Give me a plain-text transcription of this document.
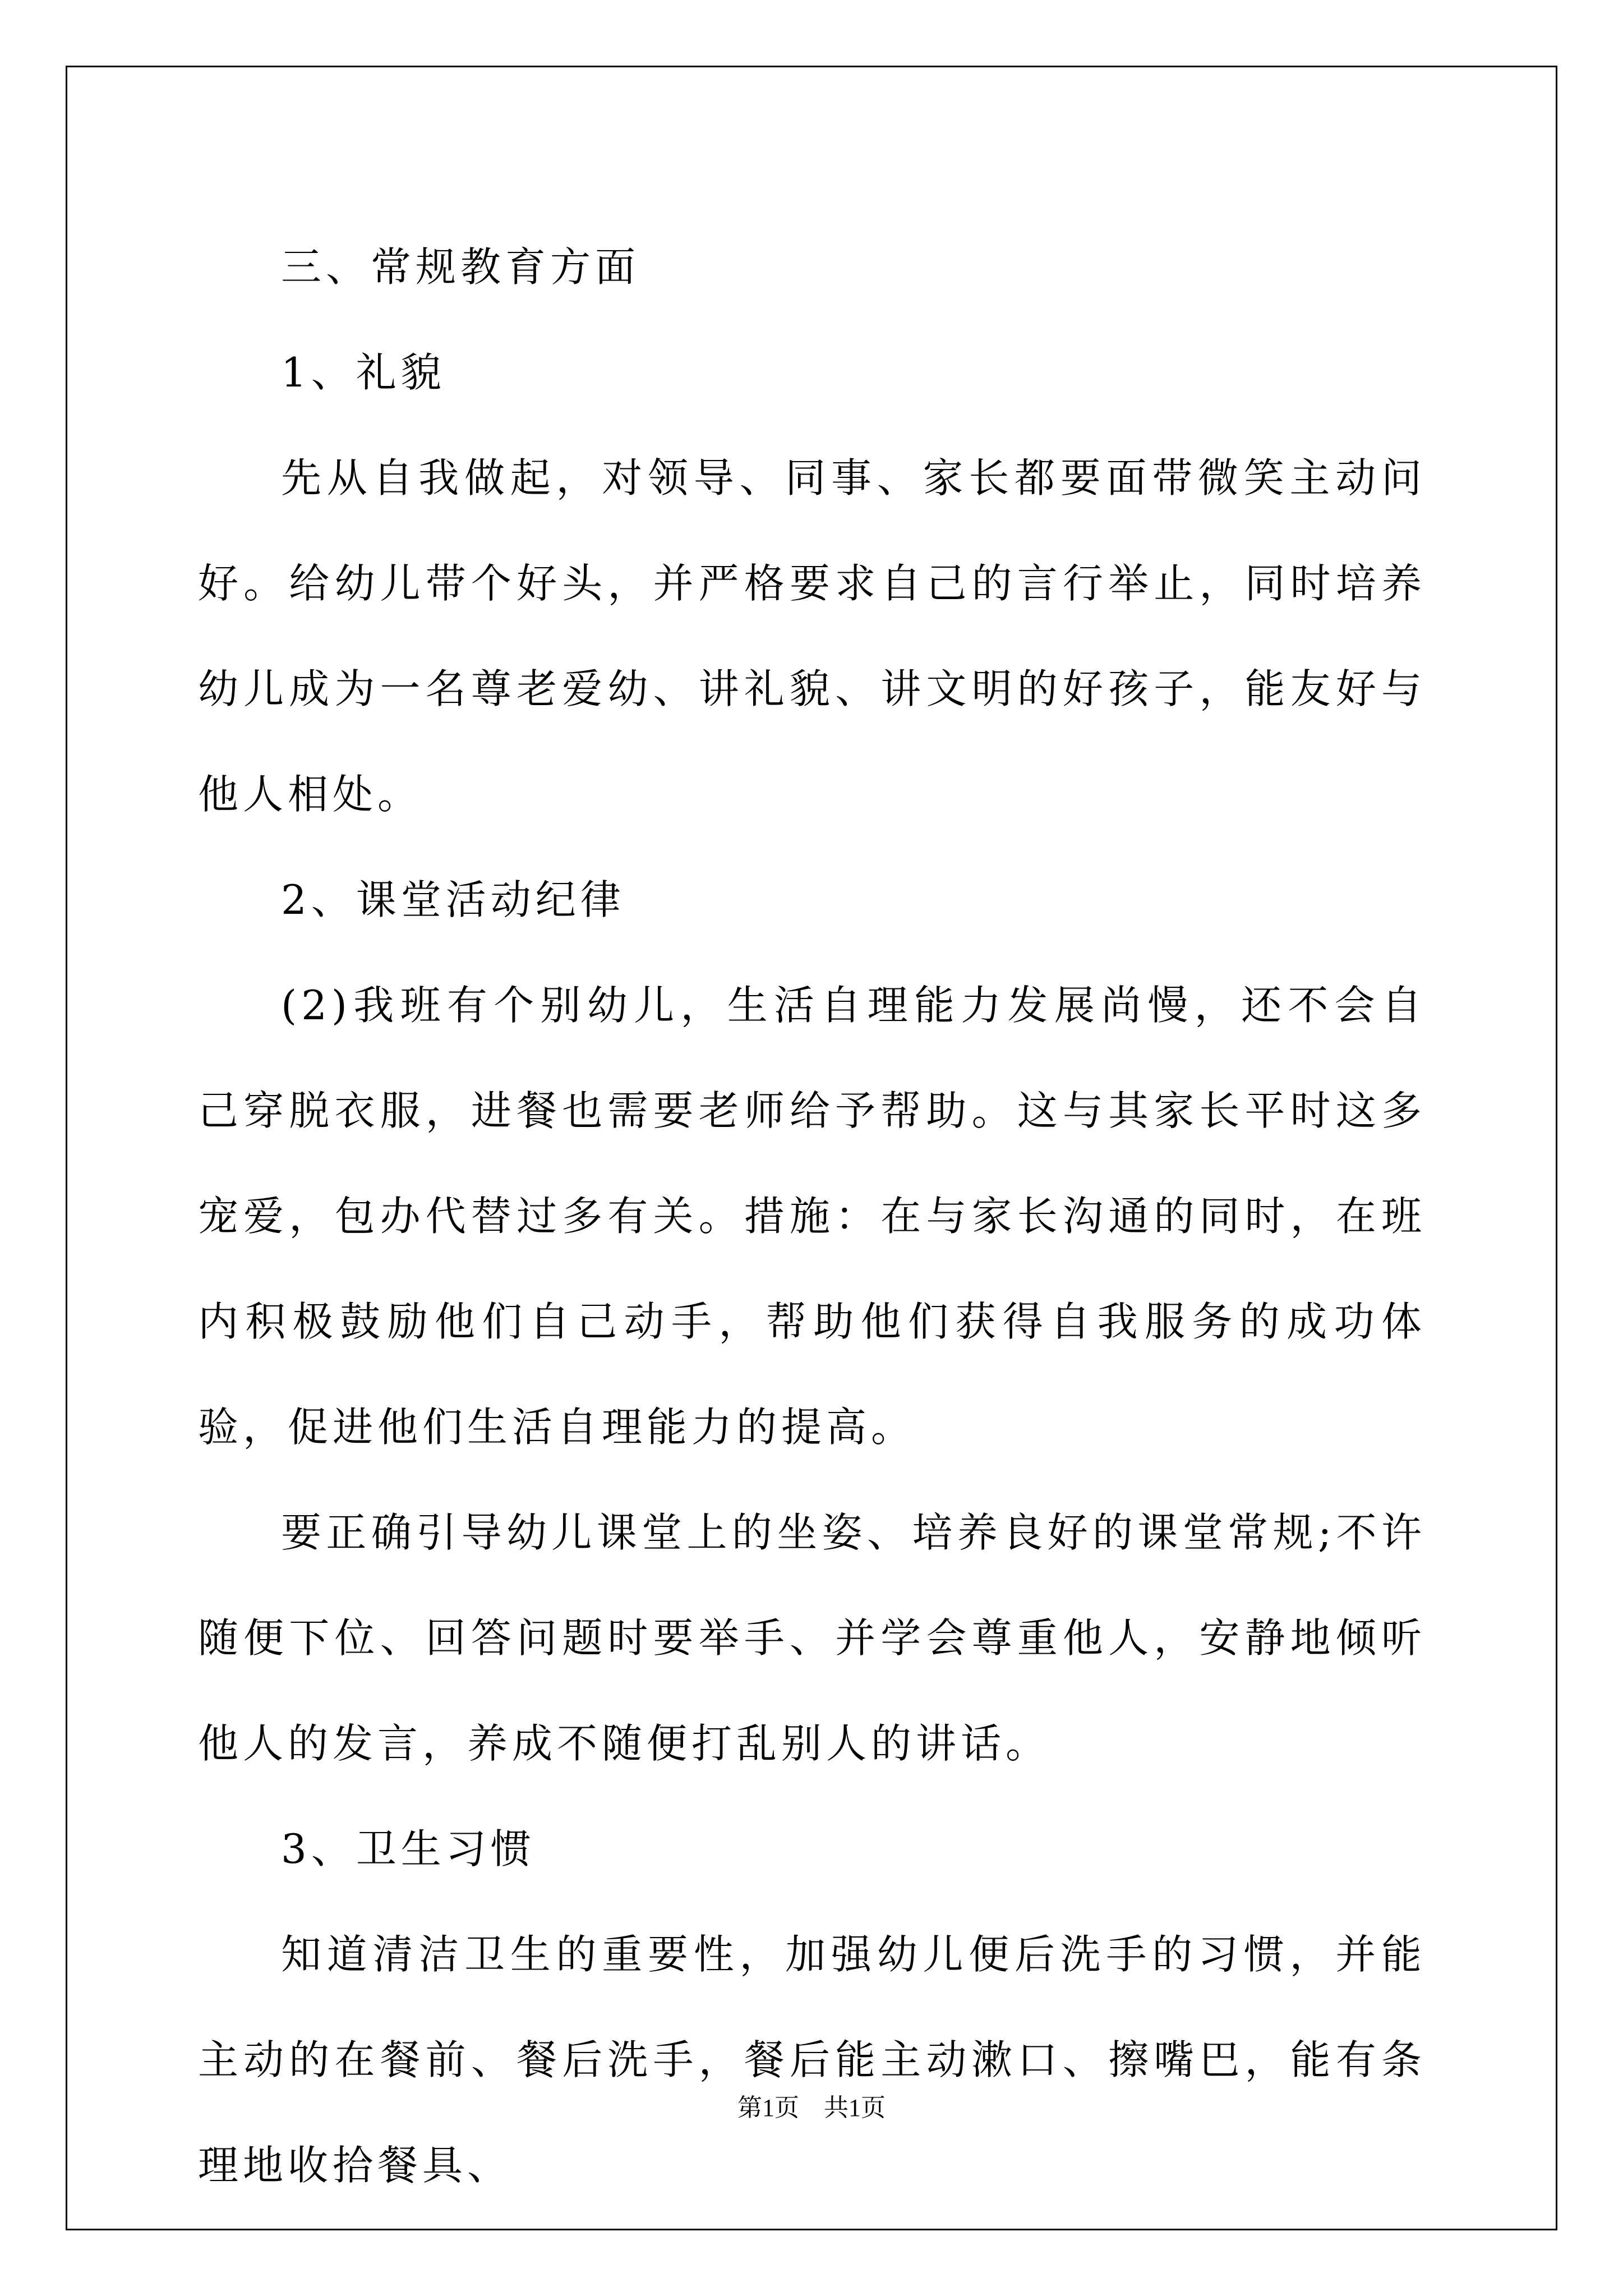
三、常规教育方面

1、礼貌

先从自我做起，对领导、同事、家长都要面带微笑主动问好。给幼儿带个好头，并严格要求自己的言行举止，同时培养幼儿成为一名尊老爱幼、讲礼貌、讲文明的好孩子，能友好与他人相处。

2、课堂活动纪律

(2)我班有个别幼儿，生活自理能力发展尚慢，还不会自己穿脱衣服，进餐也需要老师给予帮助。这与其家长平时这多宠爱，包办代替过多有关。措施：在与家长沟通的同时，在班内积极鼓励他们自己动手，帮助他们获得自我服务的成功体验，促进他们生活自理能力的提高。

要正确引导幼儿课堂上的坐姿、培养良好的课堂常规;不许随便下位、回答问题时要举手、并学会尊重他人，安静地倾听他人的发言，养成不随便打乱别人的讲话。

3、卫生习惯

知道清洁卫生的重要性，加强幼儿便后洗手的习惯，并能主动的在餐前、餐后洗手，餐后能主动漱口、擦嘴巴，能有条理地收拾餐具、

第1页 共1页
